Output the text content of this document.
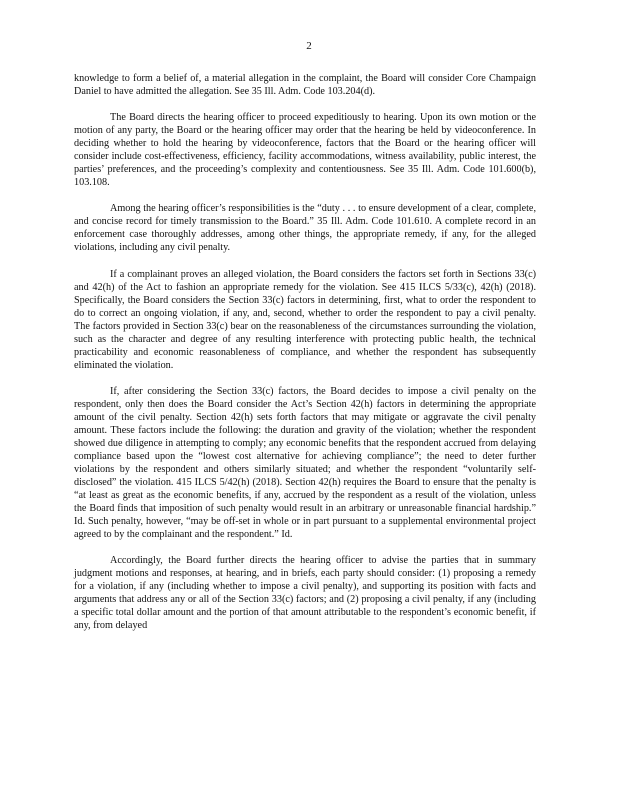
2

knowledge to form a belief of, a material allegation in the complaint, the Board will consider Core Champaign Daniel to have admitted the allegation. See 35 Ill. Adm. Code 103.204(d).

The Board directs the hearing officer to proceed expeditiously to hearing. Upon its own motion or the motion of any party, the Board or the hearing officer may order that the hearing be held by videoconference. In deciding whether to hold the hearing by videoconference, factors that the Board or the hearing officer will consider include cost-effectiveness, efficiency, facility accommodations, witness availability, public interest, the parties’ preferences, and the proceeding’s complexity and contentiousness. See 35 Ill. Adm. Code 101.600(b), 103.108.

Among the hearing officer’s responsibilities is the “duty . . . to ensure development of a clear, complete, and concise record for timely transmission to the Board.” 35 Ill. Adm. Code 101.610. A complete record in an enforcement case thoroughly addresses, among other things, the appropriate remedy, if any, for the alleged violations, including any civil penalty.

If a complainant proves an alleged violation, the Board considers the factors set forth in Sections 33(c) and 42(h) of the Act to fashion an appropriate remedy for the violation. See 415 ILCS 5/33(c), 42(h) (2018). Specifically, the Board considers the Section 33(c) factors in determining, first, what to order the respondent to do to correct an ongoing violation, if any, and, second, whether to order the respondent to pay a civil penalty. The factors provided in Section 33(c) bear on the reasonableness of the circumstances surrounding the violation, such as the character and degree of any resulting interference with protecting public health, the technical practicability and economic reasonableness of compliance, and whether the respondent has subsequently eliminated the violation.

If, after considering the Section 33(c) factors, the Board decides to impose a civil penalty on the respondent, only then does the Board consider the Act’s Section 42(h) factors in determining the appropriate amount of the civil penalty. Section 42(h) sets forth factors that may mitigate or aggravate the civil penalty amount. These factors include the following: the duration and gravity of the violation; whether the respondent showed due diligence in attempting to comply; any economic benefits that the respondent accrued from delaying compliance based upon the “lowest cost alternative for achieving compliance”; the need to deter further violations by the respondent and others similarly situated; and whether the respondent “voluntarily self-disclosed” the violation. 415 ILCS 5/42(h) (2018). Section 42(h) requires the Board to ensure that the penalty is “at least as great as the economic benefits, if any, accrued by the respondent as a result of the violation, unless the Board finds that imposition of such penalty would result in an arbitrary or unreasonable financial hardship.” Id. Such penalty, however, “may be off-set in whole or in part pursuant to a supplemental environmental project agreed to by the complainant and the respondent.” Id.

Accordingly, the Board further directs the hearing officer to advise the parties that in summary judgment motions and responses, at hearing, and in briefs, each party should consider: (1) proposing a remedy for a violation, if any (including whether to impose a civil penalty), and supporting its position with facts and arguments that address any or all of the Section 33(c) factors; and (2) proposing a civil penalty, if any (including a specific total dollar amount and the portion of that amount attributable to the respondent’s economic benefit, if any, from delayed
